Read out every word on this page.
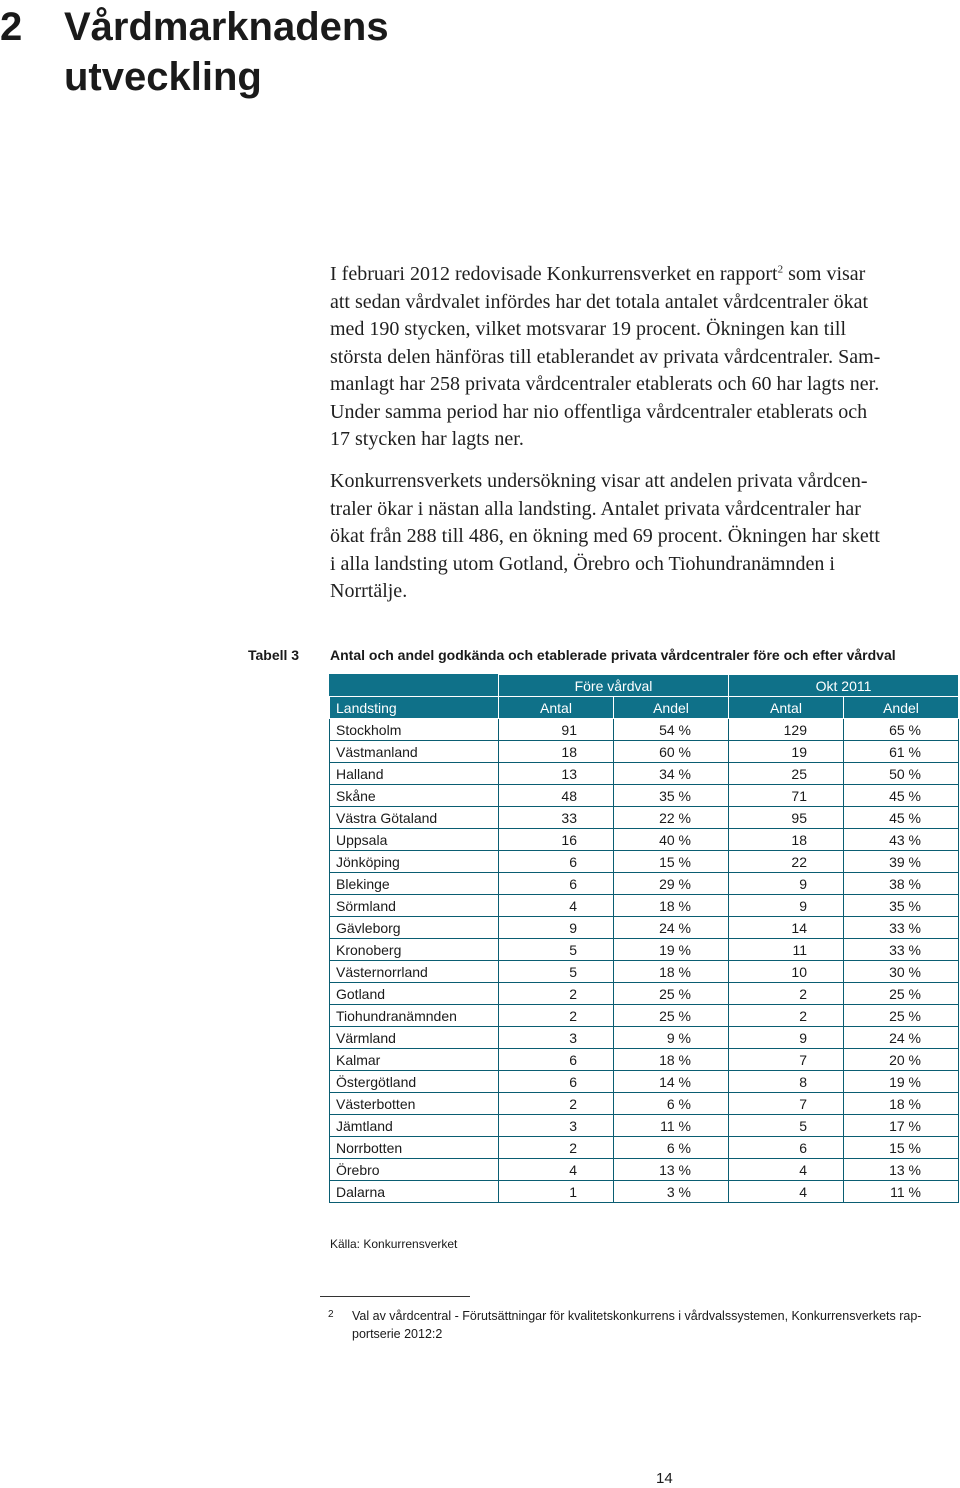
2	Vårdmarknadens
utveckling
I februari 2012 redovisade Konkurrensverket en rapport$^2$ som visar
att sedan vårdvalet infördes har det totala antalet vårdcentraler ökat
med 190 stycken, vilket motsvarar 19 procent. Ökningen kan till
största delen hänföras till etablerandet av privata vårdcentraler. Sam-
manlagt har 258 privata vårdcentraler etablerats och 60 har lagts ner.
Under samma period har nio offentliga vårdcentraler etablerats och
17 stycken har lagts ner.
Konkurrensverkets undersökning visar att andelen privata vårdcen-
traler ökar i nästan alla landsting. Antalet privata vårdcentraler har
ökat från 288 till 486, en ökning med 69 procent. Ökningen har skett
i alla landsting utom Gotland, Örebro och Tiohundranämnden i
Norrtälje.
Tabell 3 Antal och andel godkända och etablerade privata vårdcentraler före och efter vårdval
	Före vårdval		Okt 2011	
Landsting	Antal	Andel	Antal	Andel
Stockholm	91	54 %	129	65 %
Västmanland	18	60 %	19	61 %
Halland	13	34 %	25	50 %
Skåne	48	35 %	71	45 %
Västra Götaland	33	22 %	95	45 %
Uppsala	16	40 %	18	43 %
Jönköping	6	15 %	22	39 %
Blekinge	6	29 %	9	38 %
Sörmland	4	18 %	9	35 %
Gävleborg	9	24 %	14	33 %
Kronoberg	5	19 %	11	33 %
Västernorrland	5	18 %	10	30 %
Gotland	2	25 %	2	25 %
Tiohundranämnden	2	25 %	2	25 %
Värmland	3	9 %	9	24 %
Kalmar	6	18 %	7	20 %
Östergötland	6	14 %	8	19 %
Västerbotten	2	6 %	7	18 %
Jämtland	3	11 %	5	17 %
Norrbotten	2	6 %	6	15 %
Örebro	4	13 %	4	13 %
Dalarna	1	3 %	4	11 %
Källa: Konkurrensverket
2 Val av vårdcentral - Förutsättningar för kvalitetskonkurrens i vårdvalssystemen, Konkurrensverkets rap-
portserie 2012:2
14
